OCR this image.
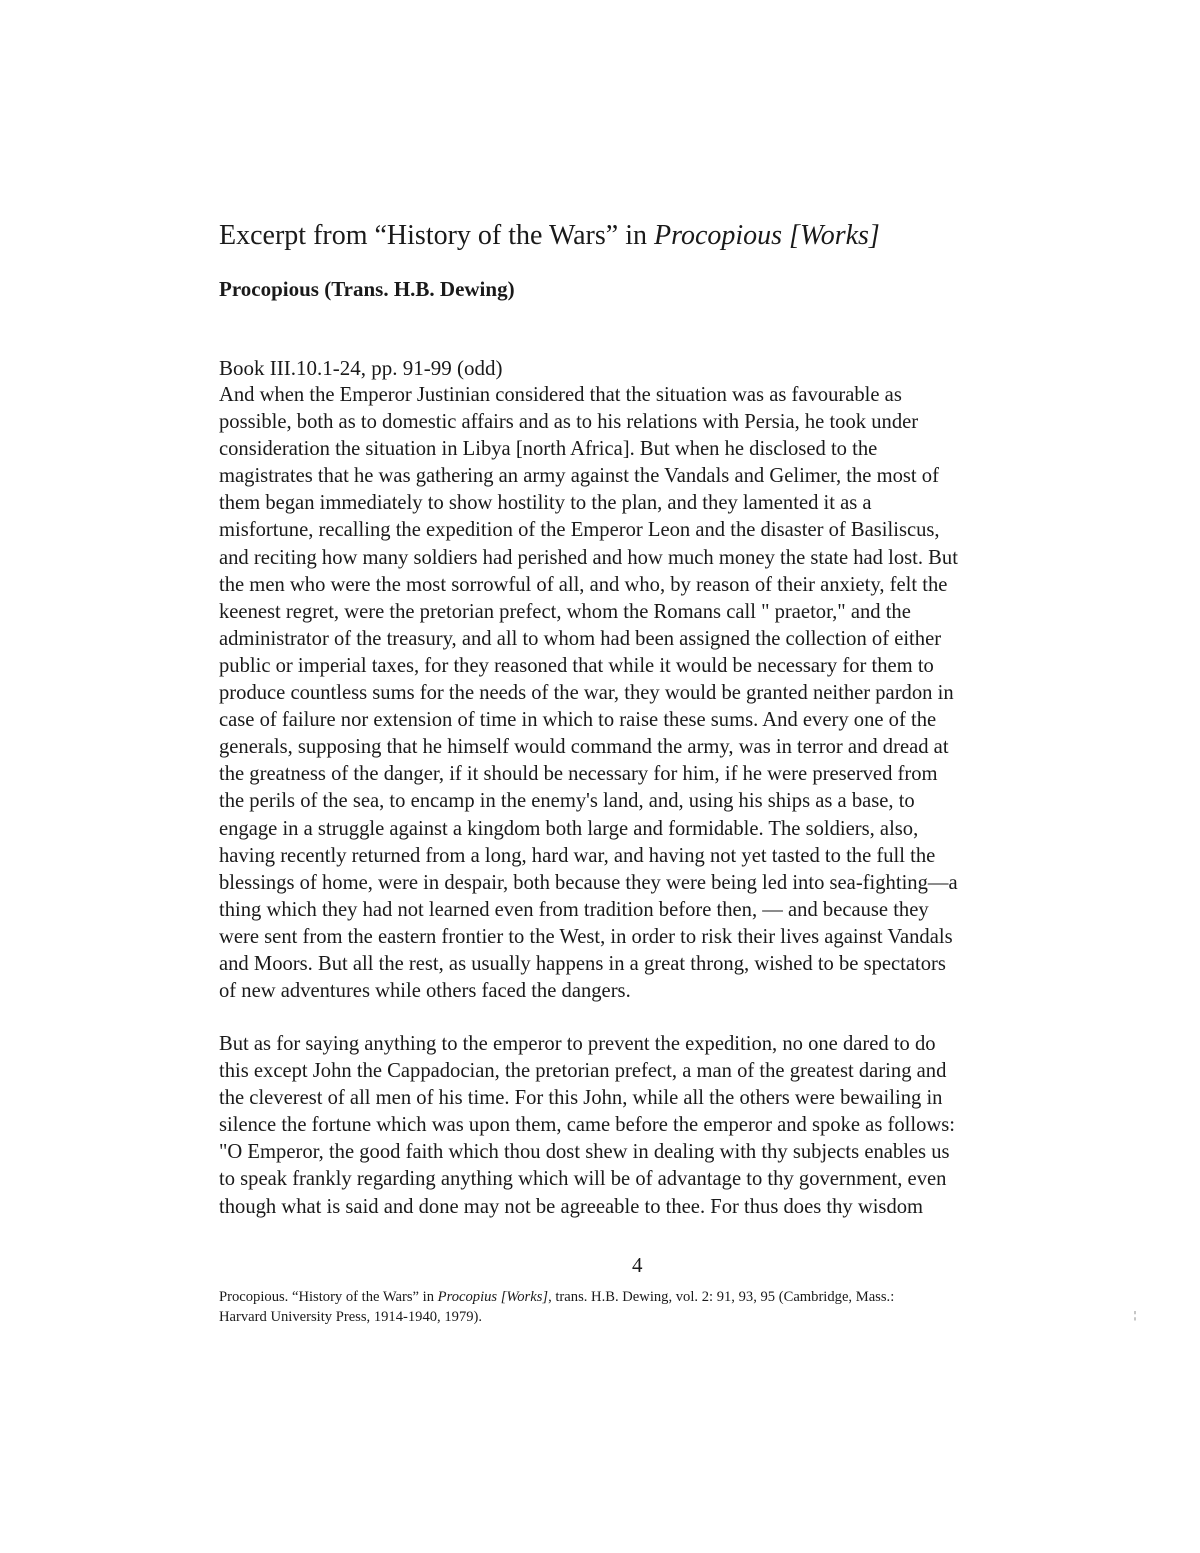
Excerpt from “History of the Wars” in Procopious [Works]
Procopious (Trans. H.B. Dewing)

Book III.10.1-24, pp. 91-99 (odd)

And when the Emperor Justinian considered that the situation was as favourable as
possible, both as to domestic affairs and as to his relations with Persia, he took under
consideration the situation in Libya [north Africa]. But when he disclosed to the
magistrates that he was gathering an army against the Vandals and Gelimer, the most of
them began immediately to show hostility to the plan, and they lamented it as a
misfortune, recalling the expedition of the Emperor Leon and the disaster of Basiliscus,
and reciting how many soldiers had perished and how much money the state had lost. But
the men who were the most sorrowful of all, and who, by reason of their anxiety, felt the
keenest regret, were the pretorian prefect, whom the Romans call " praetor," and the
administrator of the treasury, and all to whom had been assigned the collection of either
public or imperial taxes, for they reasoned that while it would be necessary for them to
produce countless sums for the needs of the war, they would be granted neither pardon in
case of failure nor extension of time in which to raise these sums. And every one of the
generals, supposing that he himself would command the army, was in terror and dread at
the greatness of the danger, if it should be necessary for him, if he were preserved from
the perils of the sea, to encamp in the enemy's land, and, using his ships as a base, to
engage in a struggle against a kingdom both large and formidable. The soldiers, also,
having recently returned from a long, hard war, and having not yet tasted to the full the
blessings of home, were in despair, both because they were being led into sea-fighting—a
thing which they had not learned even from tradition before then, — and because they
were sent from the eastern frontier to the West, in order to risk their lives against Vandals
and Moors. But all the rest, as usually happens in a great throng, wished to be spectators
of new adventures while others faced the dangers.
But as for saying anything to the emperor to prevent the expedition, no one dared to do
this except John the Cappadocian, the pretorian prefect, a man of the greatest daring and
the cleverest of all men of his time. For this John, while all the others were bewailing in
silence the fortune which was upon them, came before the emperor and spoke as follows:
"O Emperor, the good faith which thou dost shew in dealing with thy subjects enables us
to speak frankly regarding anything which will be of advantage to thy government, even
though what is said and done may not be agreeable to thee. For thus does thy wisdom

4

Procopious. “History of the Wars” in Procopius [Works], trans. H.B. Dewing, vol. 2: 91, 93, 95 (Cambridge, Mass.:
Harvard University Press, 1914-1940, 1979).	¦
